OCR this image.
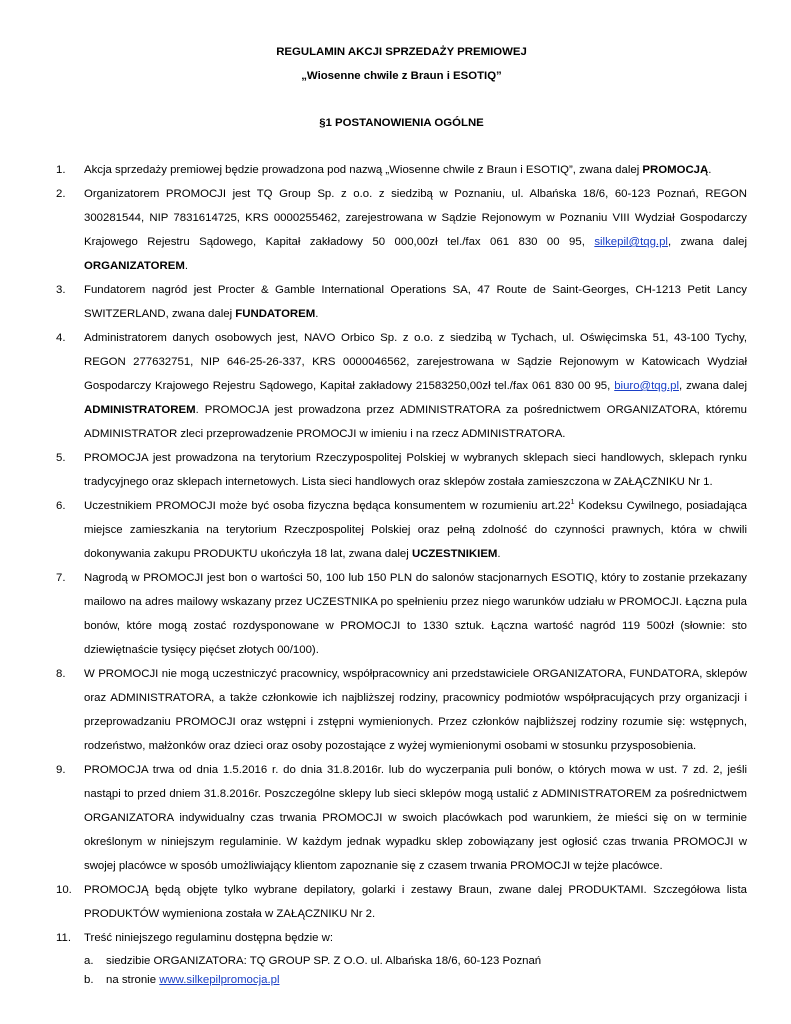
REGULAMIN AKCJI SPRZEDAŻY PREMIOWEJ

„Wiosenne chwile z Braun i ESOTIQ”

§1 POSTANOWIENIA OGÓLNE

1.	Akcja sprzedaży premiowej będzie prowadzona pod nazwą „Wiosenne chwile z Braun i ESOTIQ”, zwana dalej PROMOCJĄ.
2.	Organizatorem PROMOCJI jest TQ Group Sp. z o.o. z siedzibą w Poznaniu, ul. Albańska 18/6, 60-123 Poznań, REGON 300281544, NIP 7831614725, KRS 0000255462, zarejestrowana w Sądzie Rejonowym w Poznaniu VIII Wydział Gospodarczy Krajowego Rejestru Sądowego, Kapitał zakładowy 50 000,00zł tel./fax 061 830 00 95, silkepil@tqg.pl, zwana dalej ORGANIZATOREM.
3.	Fundatorem nagród jest Procter & Gamble International Operations SA, 47 Route de Saint-Georges, CH-1213 Petit Lancy SWITZERLAND, zwana dalej FUNDATOREM.
4.	Administratorem danych osobowych jest, NAVO Orbico Sp. z o.o. z siedzibą w Tychach, ul. Oświęcimska 51, 43-100 Tychy, REGON 277632751, NIP 646-25-26-337, KRS 0000046562, zarejestrowana w Sądzie Rejonowym w Katowicach Wydział Gospodarczy Krajowego Rejestru Sądowego, Kapitał zakładowy 21583250,00zł tel./fax 061 830 00 95, biuro@tqg.pl, zwana dalej ADMINISTRATOREM. PROMOCJA jest prowadzona przez ADMINISTRATORA za pośrednictwem ORGANIZATORA, któremu ADMINISTRATOR zleci przeprowadzenie PROMOCJI w imieniu i na rzecz ADMINISTRATORA.
5.	PROMOCJA jest prowadzona na terytorium Rzeczypospolitej Polskiej w wybranych sklepach sieci handlowych, sklepach rynku tradycyjnego oraz sklepach internetowych. Lista sieci handlowych oraz sklepów została zamieszczona w ZAŁĄCZNIKU Nr 1.
6.	Uczestnikiem PROMOCJI może być osoba fizyczna będąca konsumentem w rozumieniu $art.22^1$ Kodeksu Cywilnego, posiadająca miejsce zamieszkania na terytorium Rzeczpospolitej Polskiej oraz pełną zdolność do czynności prawnych, która w chwili dokonywania zakupu PRODUKTU ukończyła 18 lat, zwana dalej UCZESTNIKIEM.
7.	Nagrodą w PROMOCJI jest bon o wartości 50, 100 lub 150 PLN do salonów stacjonarnych ESOTIQ, który to zostanie przekazany mailowo na adres mailowy wskazany przez UCZESTNIKA po spełnieniu przez niego warunków udziału w PROMOCJI. Łączna pula bonów, które mogą zostać rozdysponowane w PROMOCJI to 1330 sztuk. Łączna wartość nagród 119 500zł (słownie: sto dziewiętnaście tysięcy pięćset złotych 00/100).
8.	W PROMOCJI nie mogą uczestniczyć pracownicy, współpracownicy ani przedstawiciele ORGANIZATORA, FUNDATORA, sklepów oraz ADMINISTRATORA, a także członkowie ich najbliższej rodziny, pracownicy podmiotów współpracujących przy organizacji i przeprowadzaniu PROMOCJI oraz wstępni i zstępni wymienionych. Przez członków najbliższej rodziny rozumie się: wstępnych, rodzeństwo, małżonków oraz dzieci oraz osoby pozostające z wyżej wymienionymi osobami w stosunku przysposobienia.
9.	PROMOCJA trwa od dnia 1.5.2016 r. do dnia 31.8.2016r. lub do wyczerpania puli bonów, o których mowa w ust. 7 zd. 2, jeśli nastąpi to przed dniem 31.8.2016r. Poszczególne sklepy lub sieci sklepów mogą ustalić z ADMINISTRATOREM za pośrednictwem ORGANIZATORA indywidualny czas trwania PROMOCJI w swoich placówkach pod warunkiem, że mieści się on w terminie określonym w niniejszym regulaminie. W każdym jednak wypadku sklep zobowiązany jest ogłosić czas trwania PROMOCJI w swojej placówce w sposób umożliwiający klientom zapoznanie się z czasem trwania PROMOCJI w tejże placówce.
10.	PROMOCJĄ będą objęte tylko wybrane depilatory, golarki i zestawy Braun, zwane dalej PRODUKTAMI. Szczegółowa lista PRODUKTÓW wymieniona została w ZAŁĄCZNIKU Nr 2.
11.	Treść niniejszego regulaminu dostępna będzie w:
a. siedzibie ORGANIZATORA: TQ GROUP SP. Z O.O. ul. Albańska 18/6, 60-123 Poznań
b. na stronie www.silkepilpromocja.pl
